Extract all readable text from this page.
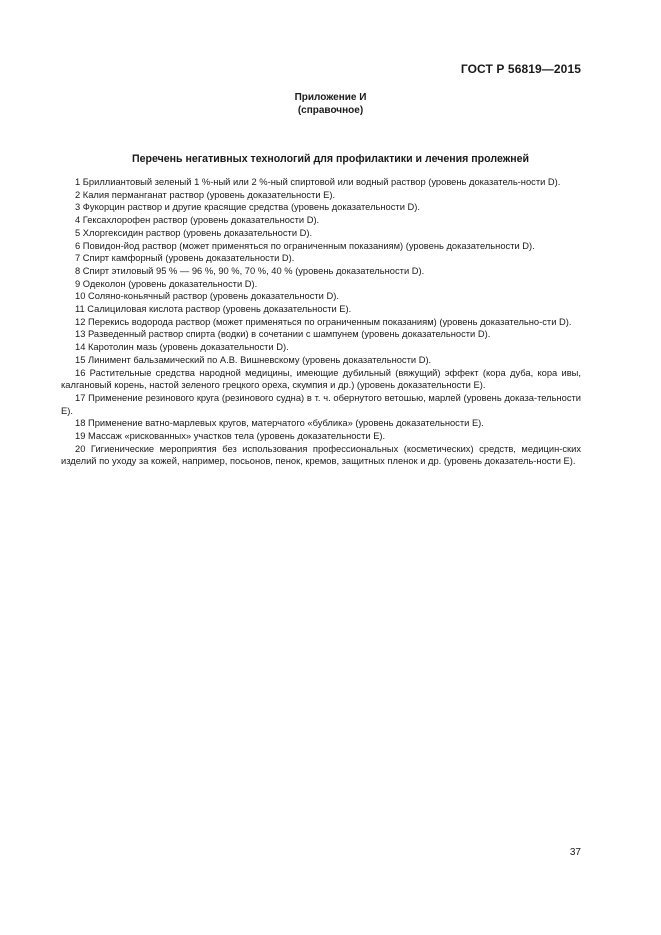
ГОСТ Р 56819—2015
Приложение И
(справочное)
Перечень негативных технологий для профилактики и лечения пролежней

1 Бриллиантовый зеленый 1 %-ный или 2 %-ный спиртовой или водный раствор (уровень доказатель-ности D).

2 Калия перманганат раствор (уровень доказательности Е).

3 Фукорцин раствор и другие красящие средства (уровень доказательности D).

4 Гексахлорофен раствор (уровень доказательности D).

5 Хлоргексидин раствор (уровень доказательности D).

6 Повидон-йод раствор (может применяться по ограниченным показаниям) (уровень доказательности D).

7 Спирт камфорный (уровень доказательности D).

8 Спирт этиловый 95 % — 96 %, 90 %, 70 %, 40 % (уровень доказательности D).

9 Одеколон (уровень доказательности D).

10 Соляно-коньячный раствор (уровень доказательности D).

11 Салициловая кислота раствор (уровень доказательности Е).

12 Перекись водорода раствор (может применяться по ограниченным показаниям) (уровень доказательно-сти D).

13 Разведенный раствор спирта (водки) в сочетании с шампунем (уровень доказательности D).

14 Каротолин мазь (уровень доказательности D).

15 Линимент бальзамический по А.В. Вишневскому (уровень доказательности D).

16 Растительные средства народной медицины, имеющие дубильный (вяжущий) эффект (кора дуба, кора ивы, калгановый корень, настой зеленого грецкого ореха, скумпия и др.) (уровень доказательности Е).

17 Применение резинового круга (резинового судна) в т. ч. обернутого ветошью, марлей (уровень доказа-тельности Е).

18 Применение ватно-марлевых кругов, матерчатого «бублика» (уровень доказательности Е).

19 Массаж «рискованных» участков тела (уровень доказательности Е).

20 Гигиенические мероприятия без использования профессиональных (косметических) средств, медицин-ских изделий по уходу за кожей, например, посьонов, пенок, кремов, защитных пленок и др. (уровень доказатель-ности Е).

37
